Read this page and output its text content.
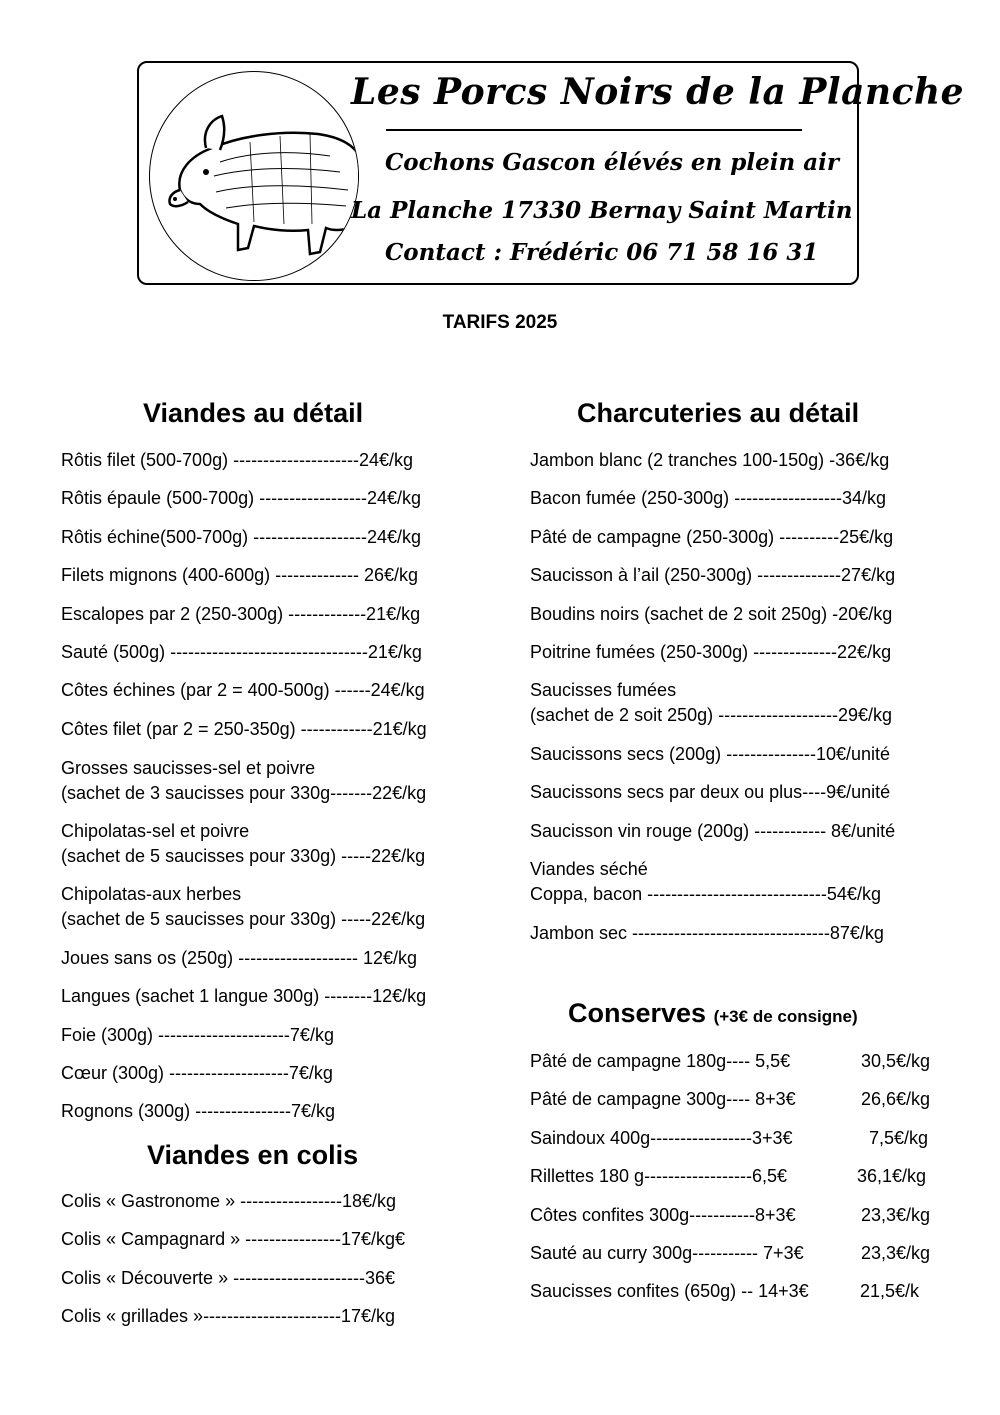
Les Porcs Noirs de la Planche
Cochons Gascon élévés en plein air
La Planche 17330 Bernay Saint Martin
Contact : Frédéric 06 71 58 16 31
TARIFS 2025
Viandes au détail
Rôtis filet (500-700g) ---------------------24€/kg
Rôtis épaule (500-700g) ------------------24€/kg
Rôtis échine(500-700g) -------------------24€/kg
Filets mignons (400-600g) -------------- 26€/kg
Escalopes par 2 (250-300g) -------------21€/kg
Sauté (500g) ---------------------------------21€/kg
Côtes échines (par 2 = 400-500g) ------24€/kg
Côtes filet (par 2 = 250-350g) ------------21€/kg
Grosses saucisses-sel et poivre
(sachet de 3 saucisses pour 330g-------22€/kg
Chipolatas-sel et poivre
(sachet de 5 saucisses pour 330g) -----22€/kg
Chipolatas-aux herbes
(sachet de 5 saucisses pour 330g) -----22€/kg
Joues sans os (250g) -------------------- 12€/kg
Langues (sachet 1 langue 300g) --------12€/kg
Foie (300g) ----------------------7€/kg
Cœur (300g) --------------------7€/kg
Rognons (300g) ----------------7€/kg
Viandes en colis
Colis « Gastronome » -----------------18€/kg
Colis « Campagnard » ----------------17€/kg€
Colis « Découverte » ----------------------36€
Colis « grillades »-----------------------17€/kg
Charcuteries au détail
Jambon blanc (2 tranches 100-150g) -36€/kg
Bacon fumée (250-300g) ------------------34/kg
Pâté de campagne (250-300g) ----------25€/kg
Saucisson à l’ail (250-300g) --------------27€/kg
Boudins noirs (sachet de 2 soit 250g) -20€/kg
Poitrine fumées (250-300g) --------------22€/kg
Saucisses fumées
(sachet de 2 soit 250g) --------------------29€/kg
Saucissons secs (200g) ---------------10€/unité
Saucissons secs par deux ou plus----9€/unité
Saucisson vin rouge (200g) ------------ 8€/unité
Viandes séché
Coppa, bacon ------------------------------54€/kg
Jambon sec ---------------------------------87€/kg
Conserves (+3€ de consigne)
Pâté de campagne 180g---- 5,5€	30,5€/kg
Pâté de campagne 300g---- 8+3€	26,6€/kg
Saindoux 400g-----------------3+3€	7,5€/kg
Rillettes 180 g------------------6,5€	36,1€/kg
Côtes confites 300g-----------8+3€	23,3€/kg
Sauté au curry 300g----------- 7+3€	23,3€/kg
Saucisses confites (650g) -- 14+3€	21,5€/k
